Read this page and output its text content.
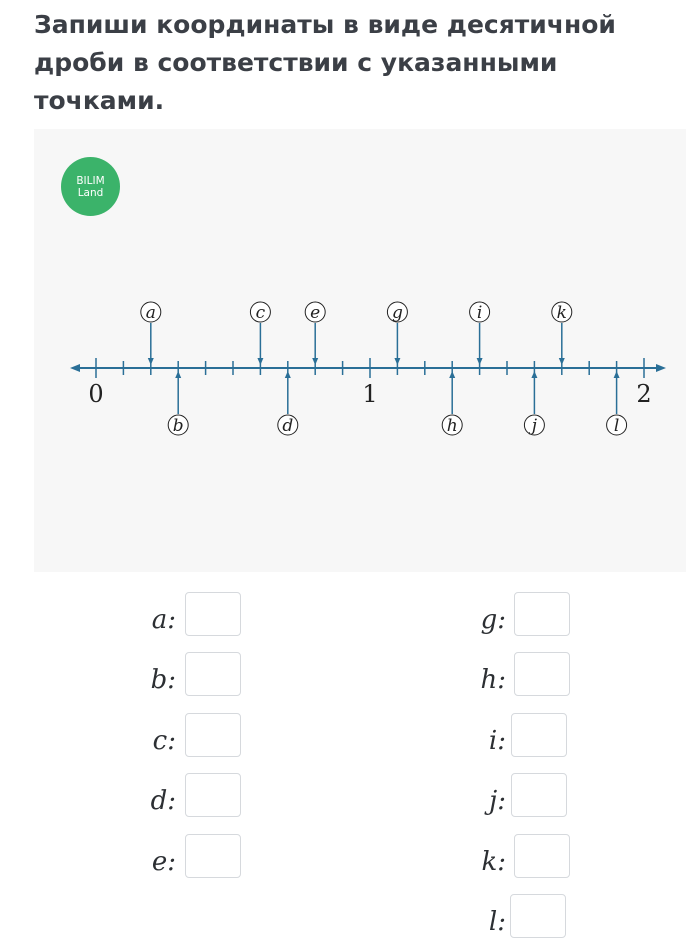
Запиши координаты в виде десятичной дроби в соответствии с указанными точками.
BILIM
Land
0	1	2
a	c	e	g	i	k
b	d	h	j	l
a:
b:
c:
d:
e:
g:
h:
i:
j:
k:
l:
